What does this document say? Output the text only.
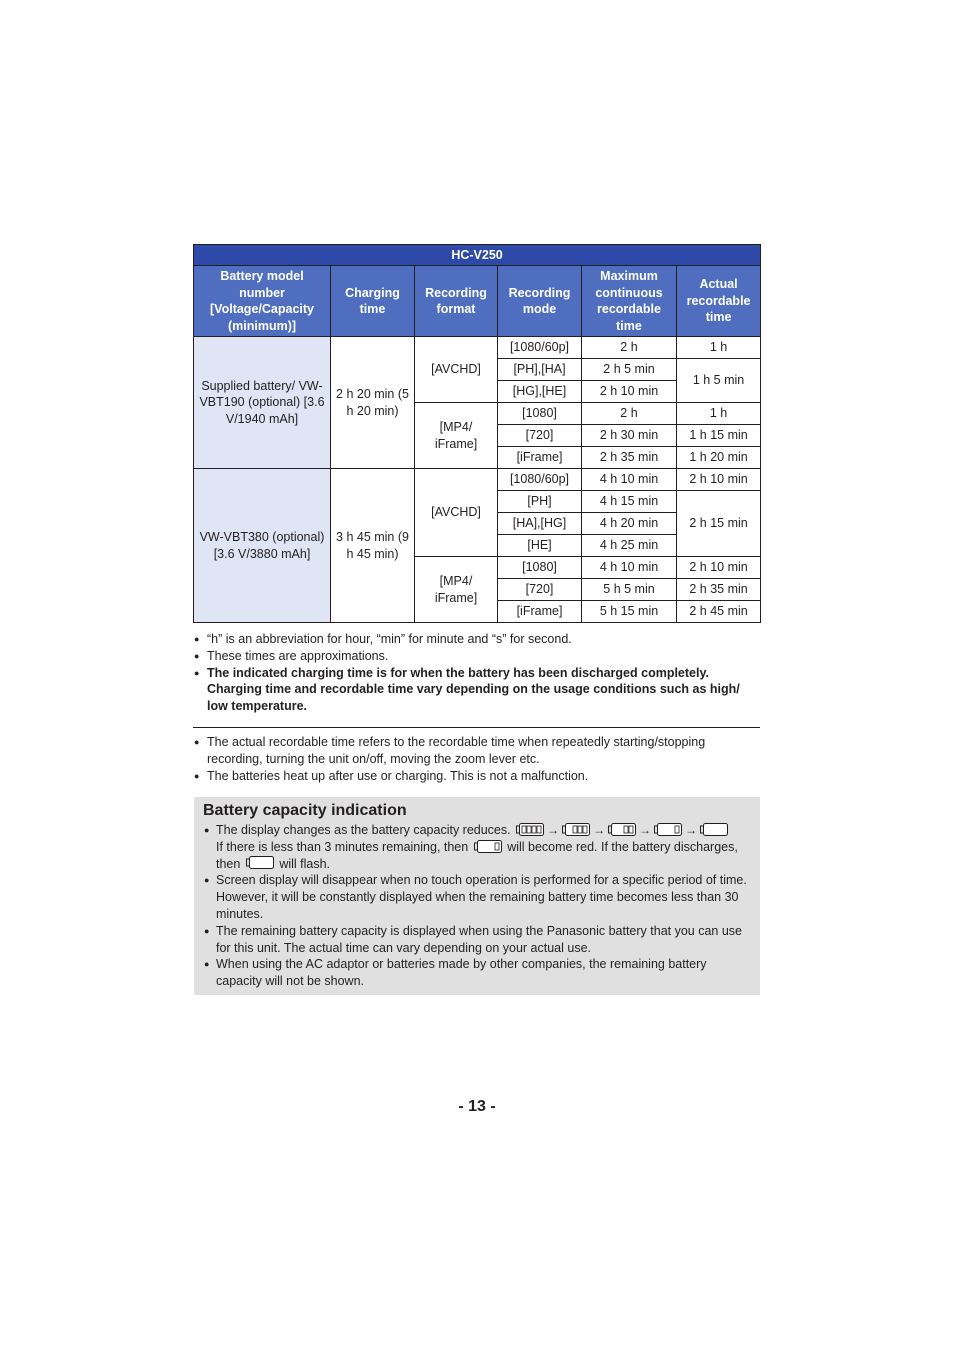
HC-V250					
Battery model number [Voltage/Capacity (minimum)]	Charging time	Recording format	Recording mode	Maximum continuous recordable time	Actual recordable time
Supplied battery/ VW-VBT190 (optional) [3.6 V/1940 mAh]	2 h 20 min (5 h 20 min)	[AVCHD]	[1080/60p]	2 h	1 h
			[PH],[HA]	2 h 5 min	1 h 5 min
			[HG],[HE]	2 h 10 min	
		[MP4/ iFrame]	[1080]	2 h	1 h
			[720]	2 h 30 min	1 h 15 min
			[iFrame]	2 h 35 min	1 h 20 min
VW-VBT380 (optional) [3.6 V/3880 mAh]	3 h 45 min (9 h 45 min)	[AVCHD]	[1080/60p]	4 h 10 min	2 h 10 min
			[PH]	4 h 15 min	2 h 15 min
			[HA],[HG]	4 h 20 min	
			[HE]	4 h 25 min	
		[MP4/ iFrame]	[1080]	4 h 10 min	2 h 10 min
			[720]	5 h 5 min	2 h 35 min
			[iFrame]	5 h 15 min	2 h 45 min
● “h” is an abbreviation for hour, “min” for minute and “s” for second.
● These times are approximations.
● The indicated charging time is for when the battery has been discharged completely. Charging time and recordable time vary depending on the usage conditions such as high/ low temperature.
● The actual recordable time refers to the recordable time when repeatedly starting/stopping recording, turning the unit on/off, moving the zoom lever etc.
● The batteries heat up after use or charging. This is not a malfunction.
Battery capacity indication
● The display changes as the battery capacity reduces.	→	→	→	→
If there is less than 3 minutes remaining, then	will become red. If the battery discharges, then	will flash.
● Screen display will disappear when no touch operation is performed for a specific period of time. However, it will be constantly displayed when the remaining battery time becomes less than 30 minutes.
● The remaining battery capacity is displayed when using the Panasonic battery that you can use for this unit. The actual time can vary depending on your actual use.
● When using the AC adaptor or batteries made by other companies, the remaining battery capacity will not be shown.
- 13 -
